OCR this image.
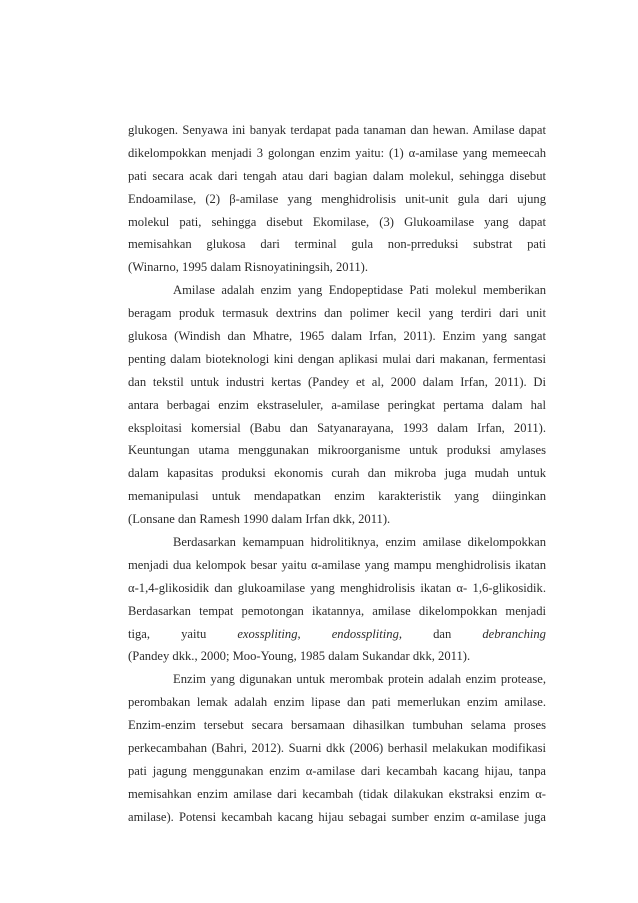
glukogen. Senyawa ini banyak terdapat pada tanaman dan hewan. Amilase dapat
dikelompokkan menjadi 3 golongan enzim yaitu: (1) α-amilase yang memeecah
pati secara acak dari tengah atau dari bagian dalam molekul, sehingga disebut
Endoamilase, (2) β-amilase yang menghidrolisis unit-unit gula dari ujung
molekul pati, sehingga disebut Ekomilase, (3) Glukoamilase yang dapat
memisahkan glukosa dari terminal gula non-prreduksi substrat pati
(Winarno, 1995 dalam Risnoyatiningsih, 2011).
Amilase adalah enzim yang Endopeptidase Pati molekul memberikan
beragam produk termasuk dextrins dan polimer kecil yang terdiri dari unit
glukosa (Windish dan Mhatre, 1965 dalam Irfan, 2011). Enzim yang sangat
penting dalam bioteknologi kini dengan aplikasi mulai dari makanan, fermentasi
dan tekstil untuk industri kertas (Pandey et al, 2000 dalam Irfan, 2011). Di
antara berbagai enzim ekstraseluler, a-amilase peringkat pertama dalam hal
eksploitasi komersial (Babu dan Satyanarayana, 1993 dalam Irfan, 2011).
Keuntungan utama menggunakan mikroorganisme untuk produksi amylases
dalam kapasitas produksi ekonomis curah dan mikroba juga mudah untuk
memanipulasi untuk mendapatkan enzim karakteristik yang diinginkan
(Lonsane dan Ramesh 1990 dalam Irfan dkk, 2011).
Berdasarkan kemampuan hidrolitiknya, enzim amilase dikelompokkan
menjadi dua kelompok besar yaitu α-amilase yang mampu menghidrolisis ikatan
α-1,4-glikosidik dan glukoamilase yang menghidrolisis ikatan α- 1,6-glikosidik.
Berdasarkan tempat pemotongan ikatannya, amilase dikelompokkan menjadi
tiga, yaitu exosspliting, endosspliting, dan debranching
(Pandey dkk., 2000; Moo-Young, 1985 dalam Sukandar dkk, 2011).
Enzim yang digunakan untuk merombak protein adalah enzim protease,
perombakan lemak adalah enzim lipase dan pati memerlukan enzim amilase.
Enzim-enzim tersebut secara bersamaan dihasilkan tumbuhan selama proses
perkecambahan (Bahri, 2012). Suarni dkk (2006) berhasil melakukan modifikasi
pati jagung menggunakan enzim α-amilase dari kecambah kacang hijau, tanpa
memisahkan enzim amilase dari kecambah (tidak dilakukan ekstraksi enzim α-
amilase). Potensi kecambah kacang hijau sebagai sumber enzim α-amilase juga
